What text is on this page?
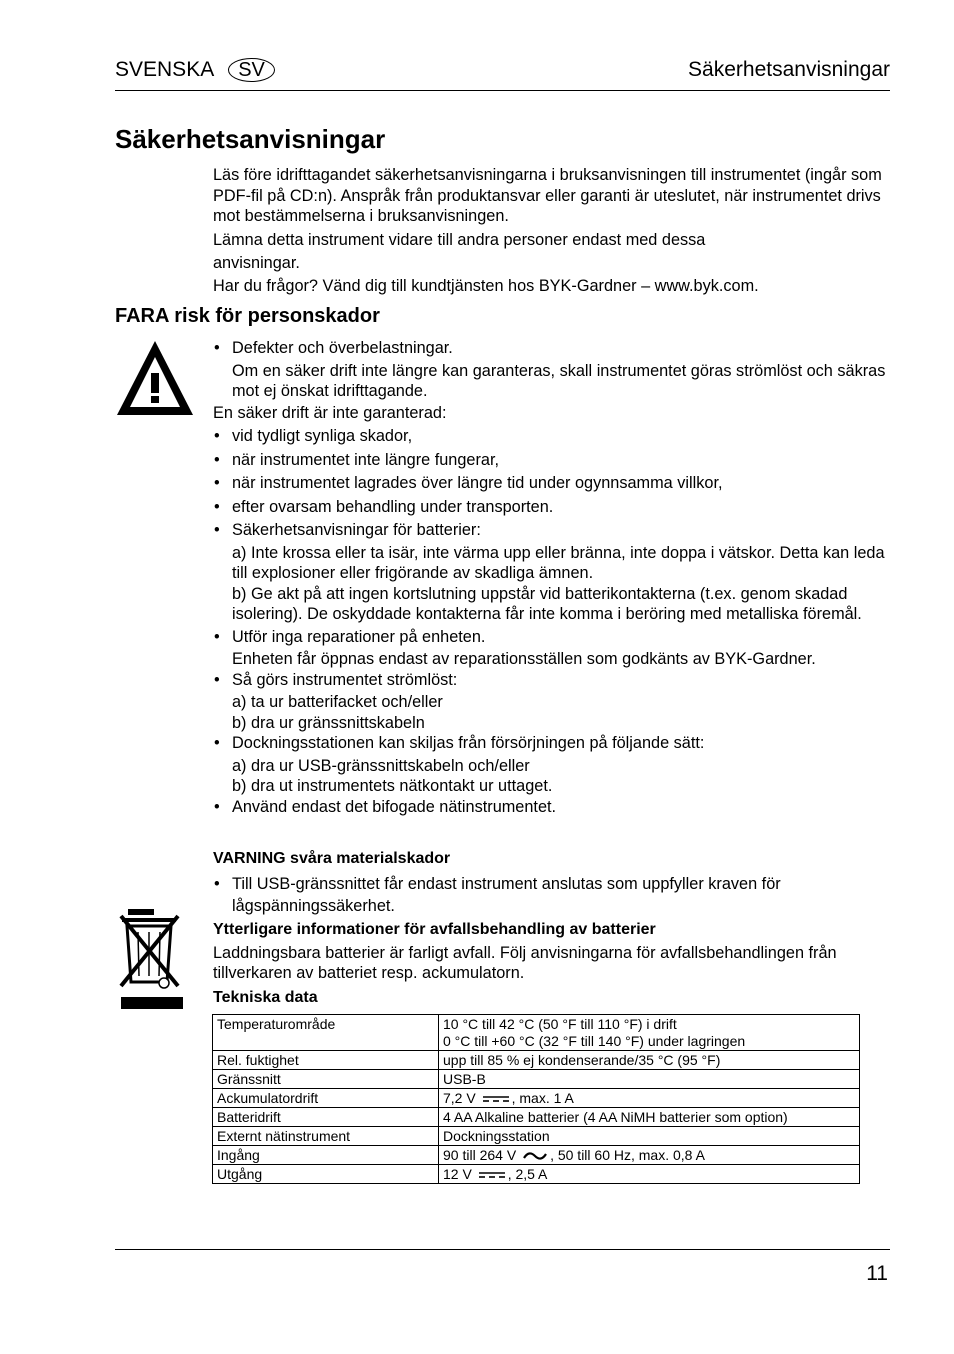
SVENSKA	SV	Säkerhetsanvisningar
Säkerhetsanvisningar

Läs före idrifttagandet säkerhetsanvisningarna i bruksanvisningen till instrumentet (ingår som PDF-fil på CD:n). Anspråk från produktansvar eller garanti är uteslutet, när instrumentet drivs mot bestämmelserna i bruksanvisningen.

Lämna detta instrument vidare till andra personer endast med dessa

anvisningar.

Har du frågor? Vänd dig till kundtjänsten hos BYK-Gardner – www.byk.com.

FARA risk för personskador

• Defekter och överbelastningar.

Om en säker drift inte längre kan garanteras, skall instrumentet göras strömlöst och säkras mot ej önskat idrifttagande.

En säker drift är inte garanterad:

• vid tydligt synliga skador,

• när instrumentet inte längre fungerar,

• när instrumentet lagrades över längre tid under ogynnsamma villkor,

• efter ovarsam behandling under transporten.

• Säkerhetsanvisningar för batterier:

a) Inte krossa eller ta isär, inte värma upp eller bränna, inte doppa i vätskor. Detta kan leda till explosioner eller frigörande av skadliga ämnen.

b) Ge akt på att ingen kortslutning uppstår vid batterikontakterna (t.ex. genom skadad isolering). De oskyddade kontakterna får inte komma i beröring med metalliska föremål.

• Utför inga reparationer på enheten.

Enheten får öppnas endast av reparationsställen som godkänts av BYK-Gardner.

• Så görs instrumentet strömlöst:

a) ta ur batterifacket och/eller

b) dra ur gränssnittskabeln

• Dockningsstationen kan skiljas från försörjningen på följande sätt:

a) dra ur USB-gränssnittskabeln och/eller

b) dra ut instrumentets nätkontakt ur uttaget.

• Använd endast det bifogade nätinstrumentet.

VARNING svåra materialskador

• Till USB-gränssnittet får endast instrument anslutas som uppfyller kraven för lågspänningssäkerhet.

Ytterligare informationer för avfallsbehandling av batterier

Laddningsbara batterier är farligt avfall. Följ anvisningarna för avfallsbehandlingen från tillverkaren av batteriet resp. ackumulatorn.

Tekniska data

Temperaturområde	10 °C till 42 °C (50 °F till 110 °F) i drift
0 °C till +60 °C (32 °F till 140 °F) under lagringen

Rel. fuktighet	upp till 85 % ej kondenserande/35 °C (95 °F)
Gränssnitt	USB-B
Ackumulatordrift	7,2 V , max. 1 A
Batteridrift	4 AA Alkaline batterier (4 AA NiMH batterier som option)
Externt nätinstrument	Dockningsstation
Ingång	90 till 264 V , 50 till 60 Hz, max. 0,8 A
Utgång	12 V , 2,5 A
11
